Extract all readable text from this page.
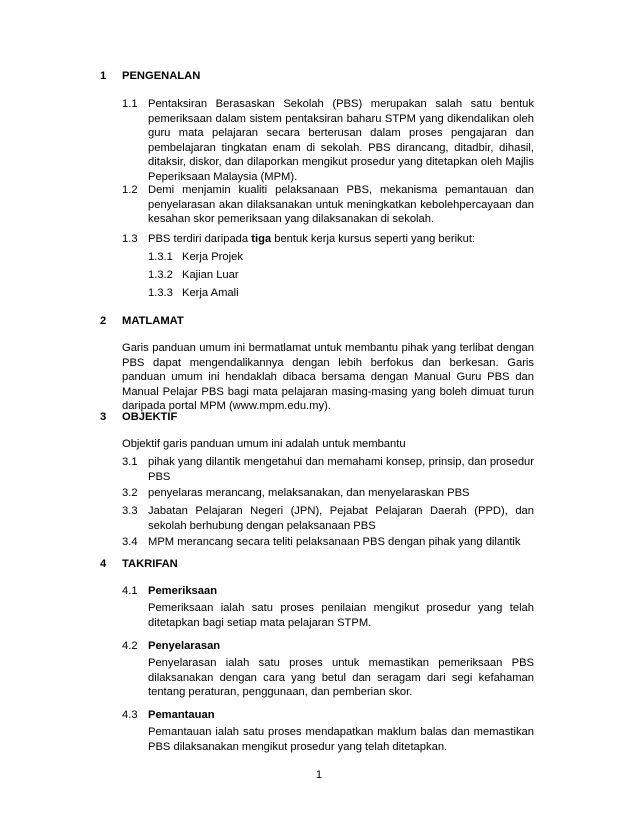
1 PENGENALAN
1.1 Pentaksiran Berasaskan Sekolah (PBS) merupakan salah satu bentuk pemeriksaan dalam sistem pentaksiran baharu STPM yang dikendalikan oleh guru mata pelajaran secara berterusan dalam proses pengajaran dan pembelajaran tingkatan enam di sekolah. PBS dirancang, ditadbir, dihasil, ditaksir, diskor, dan dilaporkan mengikut prosedur yang ditetapkan oleh Majlis Peperiksaan Malaysia (MPM).
1.2 Demi menjamin kualiti pelaksanaan PBS, mekanisma pemantauan dan penyelarasan akan dilaksanakan untuk meningkatkan kebolehpercayaan dan kesahan skor pemeriksaan yang dilaksanakan di sekolah.
1.3 PBS terdiri daripada tiga bentuk kerja kursus seperti yang berikut:
1.3.1 Kerja Projek
1.3.2 Kajian Luar
1.3.3 Kerja Amali
2 MATLAMAT
Garis panduan umum ini bermatlamat untuk membantu pihak yang terlibat dengan PBS dapat mengendalikannya dengan lebih berfokus dan berkesan. Garis panduan umum ini hendaklah dibaca bersama dengan Manual Guru PBS dan Manual Pelajar PBS bagi mata pelajaran masing-masing yang boleh dimuat turun daripada portal MPM (www.mpm.edu.my).
3 OBJEKTIF
Objektif garis panduan umum ini adalah untuk membantu
3.1 pihak yang dilantik mengetahui dan memahami konsep, prinsip, dan prosedur PBS
3.2 penyelaras merancang, melaksanakan, dan menyelaraskan PBS
3.3 Jabatan Pelajaran Negeri (JPN), Pejabat Pelajaran Daerah (PPD), dan sekolah berhubung dengan pelaksanaan PBS
3.4 MPM merancang secara teliti pelaksanaan PBS dengan pihak yang dilantik
4 TAKRIFAN
4.1 Pemeriksaan
Pemeriksaan ialah satu proses penilaian mengikut prosedur yang telah ditetapkan bagi setiap mata pelajaran STPM.
4.2 Penyelarasan
Penyelarasan ialah satu proses untuk memastikan pemeriksaan PBS dilaksanakan dengan cara yang betul dan seragam dari segi kefahaman tentang peraturan, penggunaan, dan pemberian skor.
4.3 Pemantauan
Pemantauan ialah satu proses mendapatkan maklum balas dan memastikan PBS dilaksanakan mengikut prosedur yang telah ditetapkan.
1
